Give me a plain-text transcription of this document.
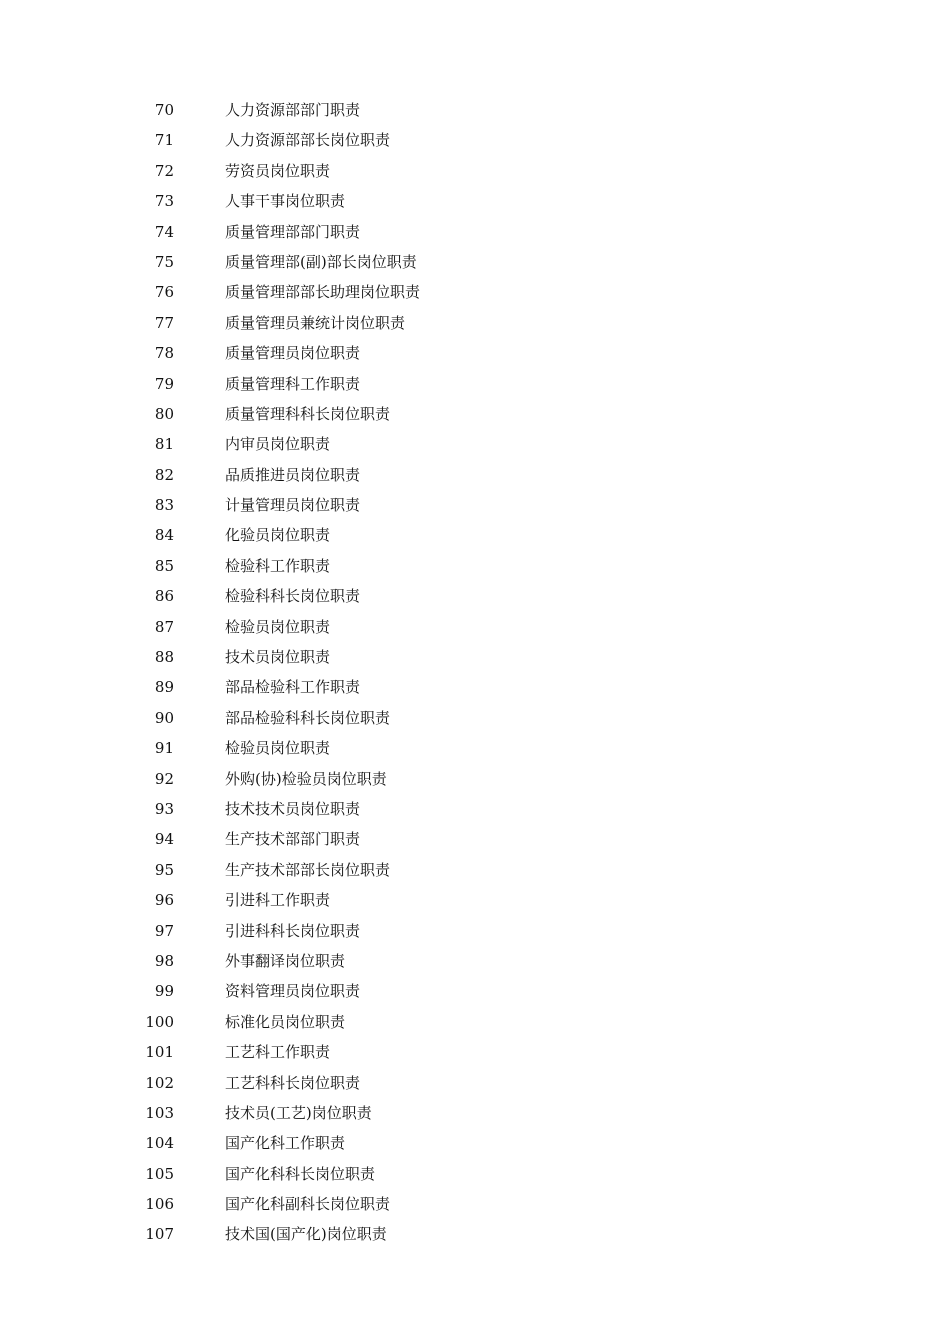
70	人力资源部部门职责
71	人力资源部部长岗位职责
72	劳资员岗位职责
73	人事干事岗位职责
74	质量管理部部门职责
75	质量管理部(副)部长岗位职责
76	质量管理部部长助理岗位职责
77	质量管理员兼统计岗位职责
78	质量管理员岗位职责
79	质量管理科工作职责
80	质量管理科科长岗位职责
81	内审员岗位职责
82	品质推进员岗位职责
83	计量管理员岗位职责
84	化验员岗位职责
85	检验科工作职责
86	检验科科长岗位职责
87	检验员岗位职责
88	技术员岗位职责
89	部品检验科工作职责
90	部品检验科科长岗位职责
91	检验员岗位职责
92	外购(协)检验员岗位职责
93	技术技术员岗位职责
94	生产技术部部门职责
95	生产技术部部长岗位职责
96	引进科工作职责
97	引进科科长岗位职责
98	外事翻译岗位职责
99	资料管理员岗位职责
100	标准化员岗位职责
101	工艺科工作职责
102	工艺科科长岗位职责
103	技术员(工艺)岗位职责
104	国产化科工作职责
105	国产化科科长岗位职责
106	国产化科副科长岗位职责
107	技术国(国产化)岗位职责
